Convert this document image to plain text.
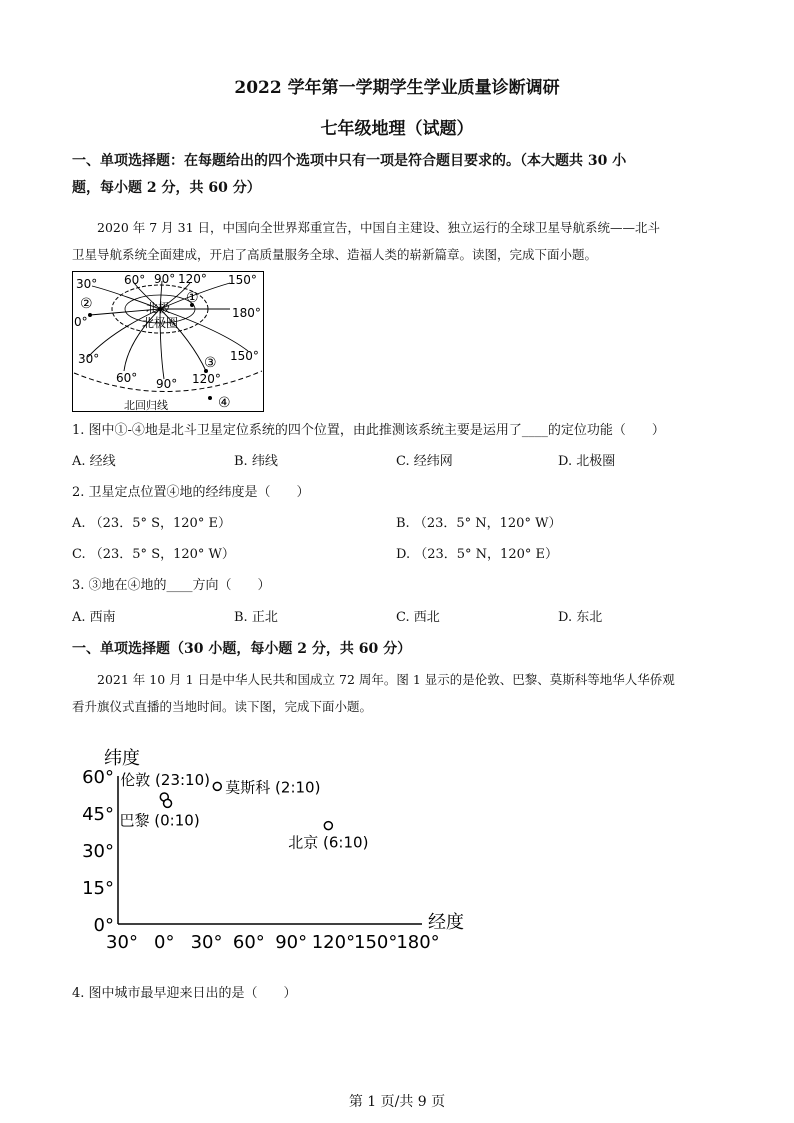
2022 学年第一学期学生学业质量诊断调研
七年级地理（试题）
一、单项选择题：在每题给出的四个选项中只有一项是符合题目要求的。（本大题共 30 小
题，每小题 2 分，共 60 分）
2020 年 7 月 31 日，中国向全世界郑重宣告，中国自主建设、独立运行的全球卫星导航系统——北斗
卫星导航系统全面建成，开启了高质量服务全球、造福人类的崭新篇章。读图，完成下面小题。
30° 60° 90° 120° 150°
180°
0°
30°
60° 90° 120°
150°
北极
北极圈
北回归线
①
②
③
④
1. 图中①-④地是北斗卫星定位系统的四个位置，由此推测该系统主要是运用了____的定位功能（　　）
A. 经线	B. 纬线	C. 经纬网	D. 北极圈
2. 卫星定点位置④地的经纬度是（　　）
A. （23．5° S，120° E）	B. （23．5° N，120° W）
C. （23．5° S，120° W）	D. （23．5° N，120° E）
3. ③地在④地的____方向（　　）
A. 西南	B. 正北	C. 西北	D. 东北
一、单项选择题（30 小题，每小题 2 分，共 60 分）
2021 年 10 月 1 日是中华人民共和国成立 72 周年。图 1 显示的是伦敦、巴黎、莫斯科等地华人华侨观
看升旗仪式直播的当地时间。读下图，完成下面小题。
纬度
经度
60°
45°
30°
15°
0°
30° 0° 30° 60° 90° 120°
150°
180°
伦敦 (23:10)
巴黎 (0:10)
莫斯科 (2:10)
北京 (6:10)
4. 图中城市最早迎来日出的是（　　）
第 1 页/共 9 页
